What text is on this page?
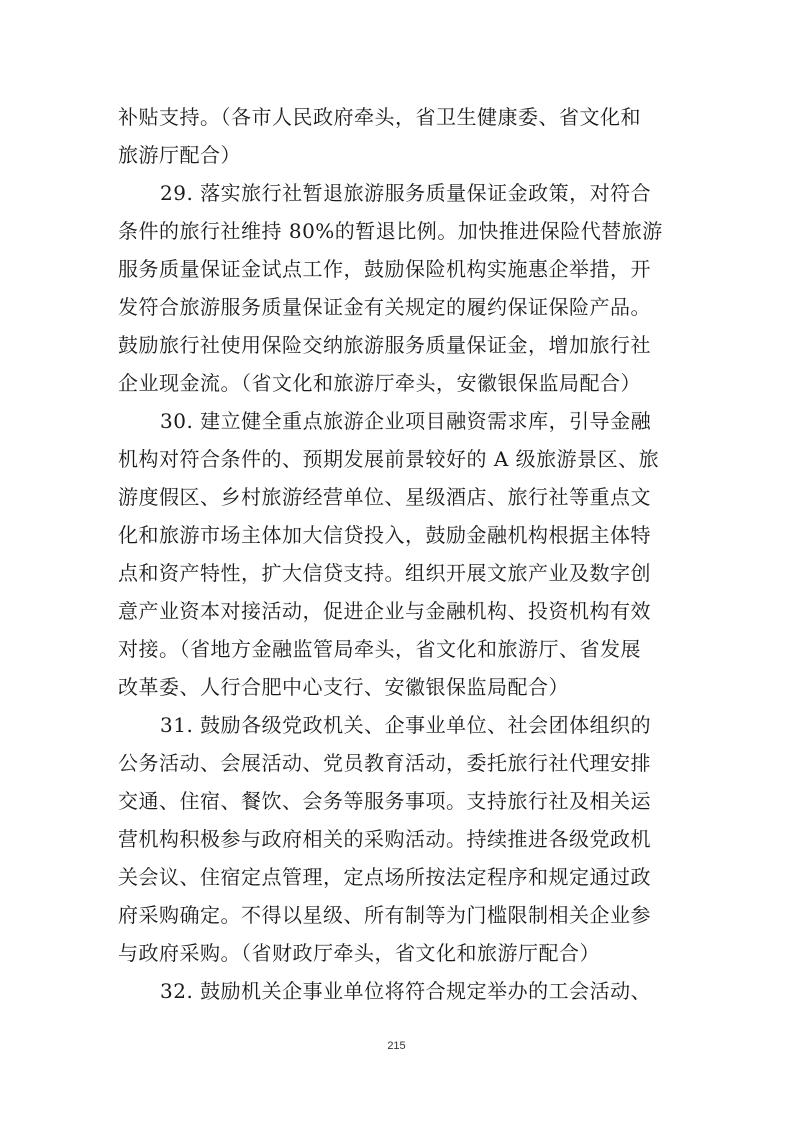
补贴支持。（各市人民政府牵头，省卫生健康委、省文化和
旅游厅配合）
29. 落实旅行社暂退旅游服务质量保证金政策，对符合
条件的旅行社维持 80%的暂退比例。加快推进保险代替旅游
服务质量保证金试点工作，鼓励保险机构实施惠企举措，开
发符合旅游服务质量保证金有关规定的履约保证保险产品。
鼓励旅行社使用保险交纳旅游服务质量保证金，增加旅行社
企业现金流。（省文化和旅游厅牵头，安徽银保监局配合）
30. 建立健全重点旅游企业项目融资需求库，引导金融
机构对符合条件的、预期发展前景较好的 A 级旅游景区、旅
游度假区、乡村旅游经营单位、星级酒店、旅行社等重点文
化和旅游市场主体加大信贷投入，鼓励金融机构根据主体特
点和资产特性，扩大信贷支持。组织开展文旅产业及数字创
意产业资本对接活动，促进企业与金融机构、投资机构有效
对接。（省地方金融监管局牵头，省文化和旅游厅、省发展
改革委、人行合肥中心支行、安徽银保监局配合）
31. 鼓励各级党政机关、企事业单位、社会团体组织的
公务活动、会展活动、党员教育活动，委托旅行社代理安排
交通、住宿、餐饮、会务等服务事项。支持旅行社及相关运
营机构积极参与政府相关的采购活动。持续推进各级党政机
关会议、住宿定点管理，定点场所按法定程序和规定通过政
府采购确定。不得以星级、所有制等为门槛限制相关企业参
与政府采购。（省财政厅牵头，省文化和旅游厅配合）
32. 鼓励机关企事业单位将符合规定举办的工会活动、
215
